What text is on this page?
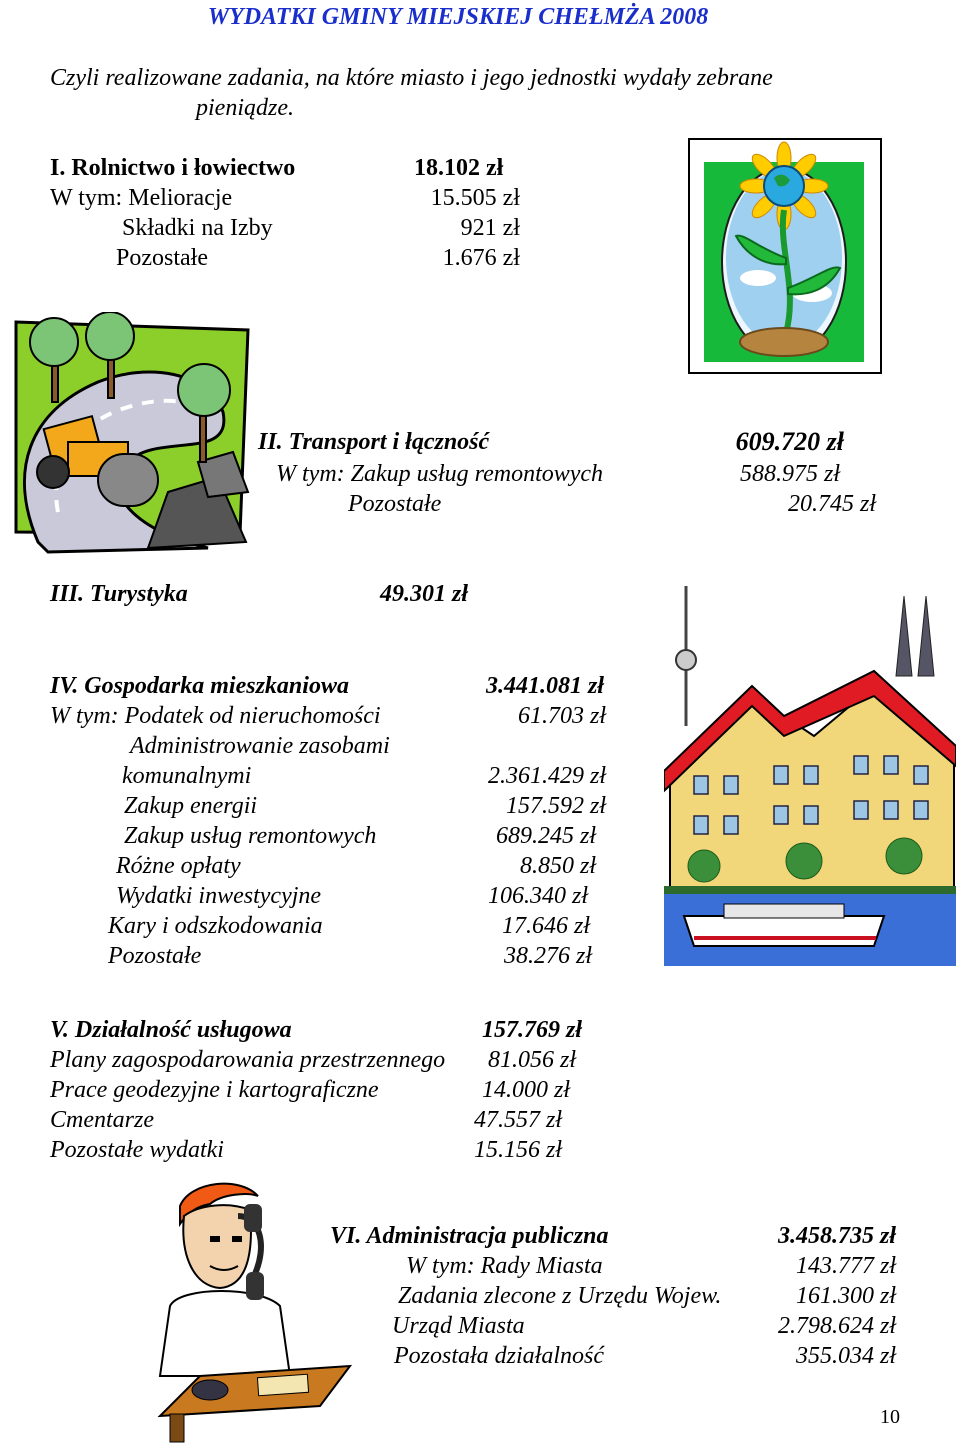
WYDATKI GMINY MIEJSKIEJ CHEŁMŻA 2008
Czyli realizowane zadania, na które miasto i jego jednostki wydały zebrane
pieniądze.
I. Rolnictwo i łowiectwo	18.102 zł
W tym: Melioracje	15.505 zł
Składki na Izby	921 zł
Pozostałe	1.676 zł
II. Transport i łączność	609.720 zł
W tym: Zakup usług remontowych	588.975 zł
Pozostałe	20.745 zł
III. Turystyka	49.301 zł
IV. Gospodarka mieszkaniowa	3.441.081 zł
W tym: Podatek od nieruchomości	61.703 zł
Administrowanie zasobami
komunalnymi	2.361.429 zł
Zakup energii	157.592 zł
Zakup usług remontowych	689.245 zł
Różne opłaty	8.850 zł
Wydatki inwestycyjne	106.340 zł
Kary i odszkodowania	17.646 zł
Pozostałe	38.276 zł
V. Działalność usługowa	157.769 zł
Plany zagospodarowania przestrzennego 81.056 zł
Prace geodezyjne i kartograficzne	14.000 zł
Cmentarze	47.557 zł
Pozostałe wydatki	15.156 zł
VI. Administracja publiczna	3.458.735 zł
W tym: Rady Miasta	143.777 zł
Zadania zlecone z Urzędu Wojew.	161.300 zł
Urząd Miasta	2.798.624 zł
Pozostała działalność	355.034 zł
10
